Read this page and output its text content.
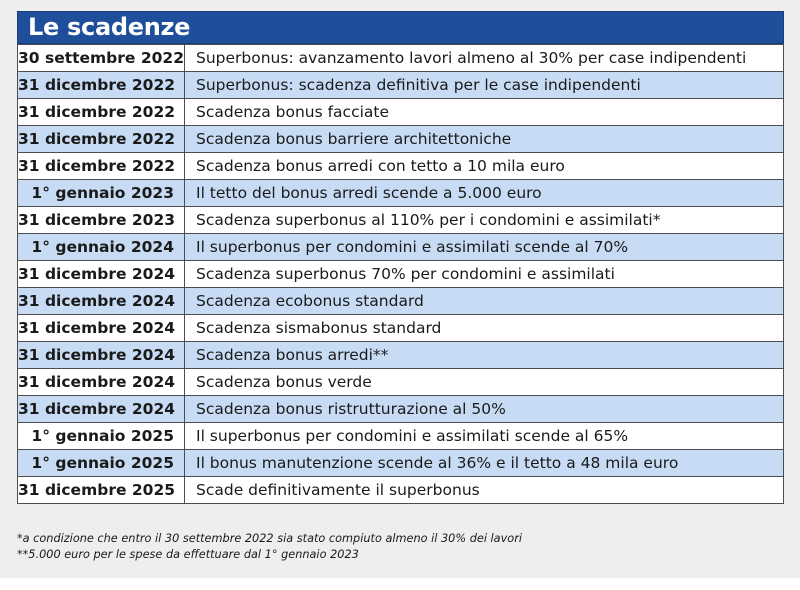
Le scadenze
30 settembre 2022	Superbonus: avanzamento lavori almeno al 30% per case indipendenti
31 dicembre 2022	Superbonus: scadenza definitiva per le case indipendenti
31 dicembre 2022	Scadenza bonus facciate
31 dicembre 2022	Scadenza bonus barriere architettoniche
31 dicembre 2022	Scadenza bonus arredi con tetto a 10 mila euro
1° gennaio 2023	Il tetto del bonus arredi scende a 5.000 euro
31 dicembre 2023	Scadenza superbonus al 110% per i condomini e assimilati*
1° gennaio 2024	Il superbonus per condomini e assimilati scende al 70%
31 dicembre 2024	Scadenza superbonus 70% per condomini e assimilati
31 dicembre 2024	Scadenza ecobonus standard
31 dicembre 2024	Scadenza sismabonus standard
31 dicembre 2024	Scadenza bonus arredi**
31 dicembre 2024	Scadenza bonus verde
31 dicembre 2024	Scadenza bonus ristrutturazione al 50%
1° gennaio 2025	Il superbonus per condomini e assimilati scende al 65%
1° gennaio 2025	Il bonus manutenzione scende al 36% e il tetto a 48 mila euro
31 dicembre 2025	Scade definitivamente il superbonus
*a condizione che entro il 30 settembre 2022 sia stato compiuto almeno il 30% dei lavori
**5.000 euro per le spese da effettuare dal 1° gennaio 2023
